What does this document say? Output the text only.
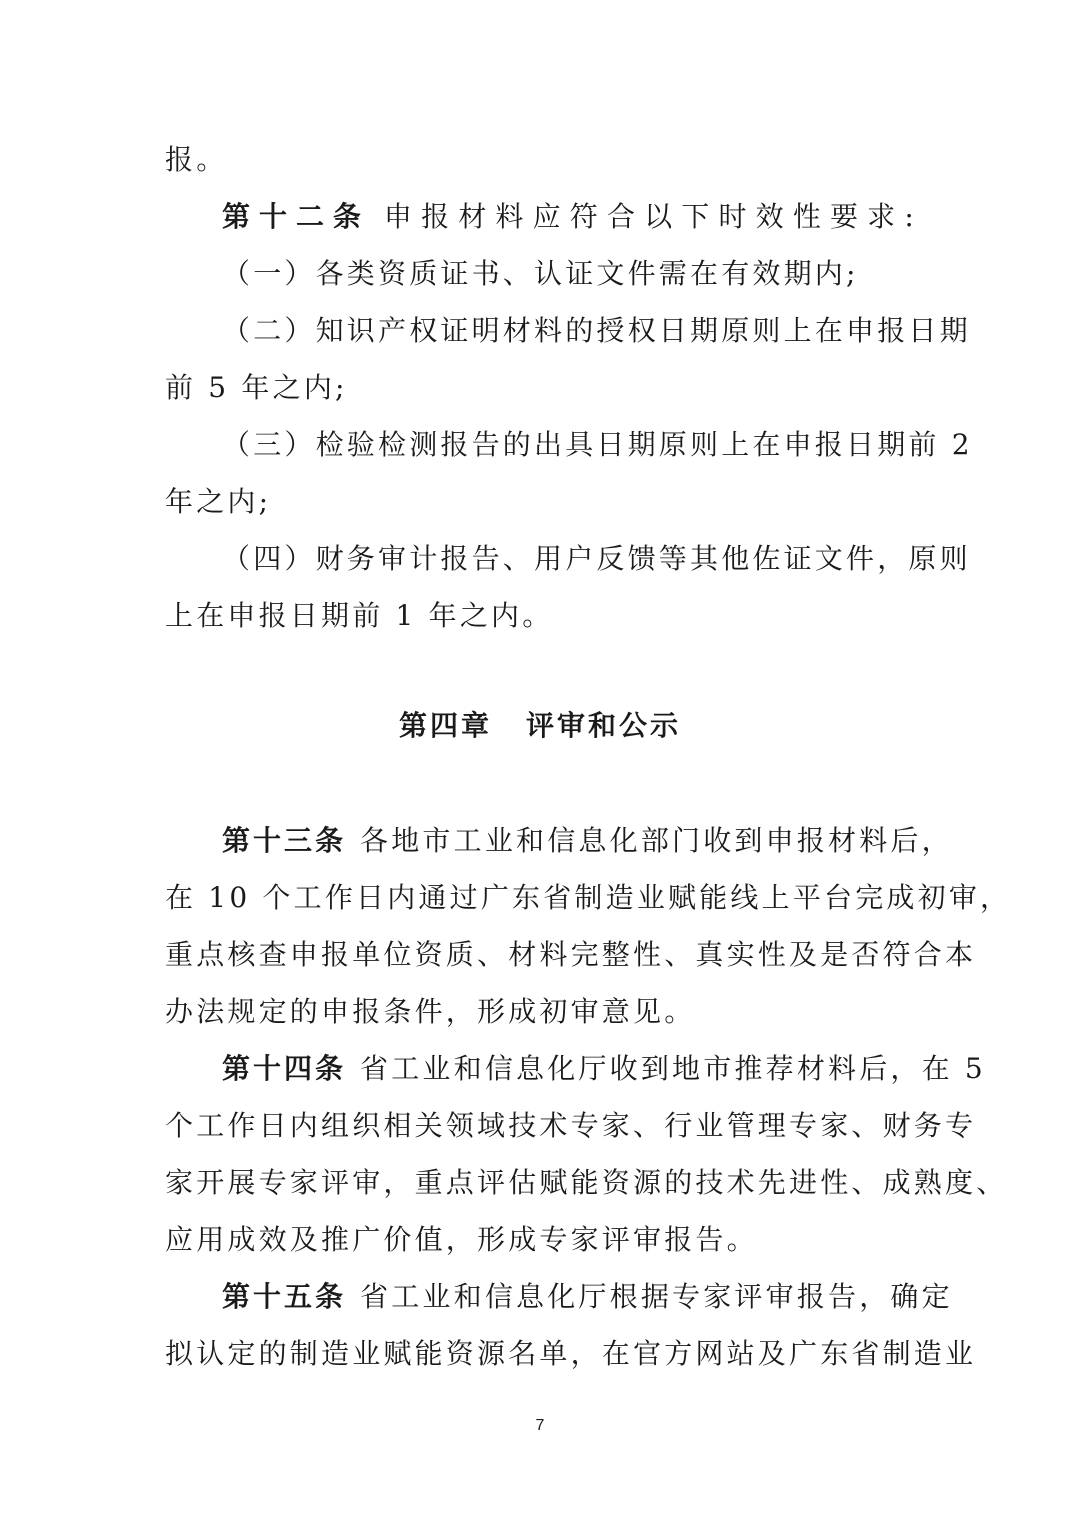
报。
第十二条 申报材料应符合以下时效性要求:
（一）各类资质证书、认证文件需在有效期内;
（二）知识产权证明材料的授权日期原则上在申报日期
前 5 年之内;
（三）检验检测报告的出具日期原则上在申报日期前 2
年之内;
（四）财务审计报告、用户反馈等其他佐证文件，原则
上在申报日期前 1 年之内。
第四章 评审和公示
第十三条 各地市工业和信息化部门收到申报材料后，
在 10 个工作日内通过广东省制造业赋能线上平台完成初审，
重点核查申报单位资质、材料完整性、真实性及是否符合本
办法规定的申报条件，形成初审意见。
第十四条 省工业和信息化厅收到地市推荐材料后，在 5
个工作日内组织相关领域技术专家、行业管理专家、财务专
家开展专家评审，重点评估赋能资源的技术先进性、成熟度、
应用成效及推广价值，形成专家评审报告。
第十五条 省工业和信息化厅根据专家评审报告，确定
拟认定的制造业赋能资源名单，在官方网站及广东省制造业
7
